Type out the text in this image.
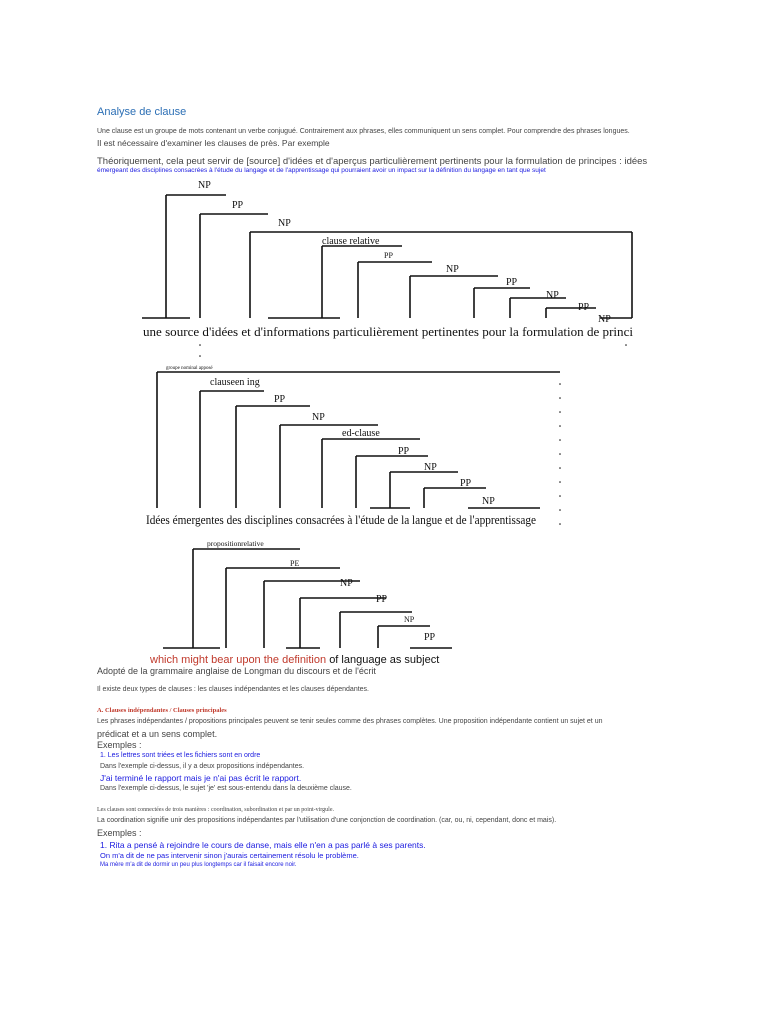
Analyse de clause
Une clause est un groupe de mots contenant un verbe conjugué. Contrairement aux phrases, elles communiquent un sens complet. Pour comprendre des phrases longues.
Il est nécessaire d'examiner les clauses de près. Par exemple
Théoriquement, cela peut servir de [source] d'idées et d'aperçus particulièrement pertinents pour la formulation de principes : idées
émergeant des disciplines consacrées à l'étude du langage et de l'apprentissage qui pourraient avoir un impact sur la définition du langage en tant que sujet
NP
PP
NP
clause relative
PP
NP
PP
NP
PP
NP
une source d'idées et d'informations particulièrement pertinentes pour la formulation de princi
groupe nominal apposé
clauseen ing
PP
NP
ed-clause
PP
NP
PP
NP
Idées émergentes des disciplines consacrées à l'étude de la langue et de l'apprentissage
propositionrelative
PE
NP
PP
NP
PP
which might bear upon the definition of language as subject
Adopté de la grammaire anglaise de Longman du discours et de l'écrit
Il existe deux types de clauses : les clauses indépendantes et les clauses dépendantes.
A. Clauses indépendantes / Clauses principales
Les phrases indépendantes / propositions principales peuvent se tenir seules comme des phrases complètes. Une proposition indépendante contient un sujet et un
prédicat et a un sens complet.
Exemples :
1. Les lettres sont triées et les fichiers sont en ordre
Dans l'exemple ci-dessus, il y a deux propositions indépendantes.
J'ai terminé le rapport mais je n'ai pas écrit le rapport.
Dans l'exemple ci-dessus, le sujet 'je' est sous-entendu dans la deuxième clause.
Les clauses sont connectées de trois manières : coordination, subordination et par un point-virgule.
La coordination signifie unir des propositions indépendantes par l'utilisation d'une conjonction de coordination. (car, ou, ni, cependant, donc et mais).
Exemples :
1. Rita a pensé à rejoindre le cours de danse, mais elle n'en a pas parlé à ses parents.
On m'a dit de ne pas intervenir sinon j'aurais certainement résolu le problème.
Ma mère m'a dit de dormir un peu plus longtemps car il faisait encore noir.
